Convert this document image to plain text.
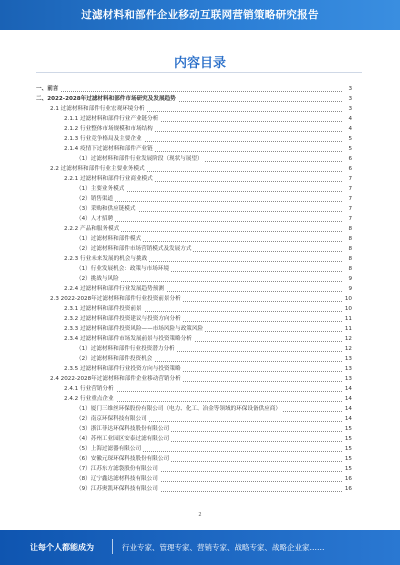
过滤材料和部件企业移动互联网营销策略研究报告
内容目录
一、前言	3
二、2022-2028年过滤材料和部件市场研究及发展趋势	3
2.1 过滤材料和部件行业宏观环境分析	3
2.1.1 过滤材料和部件行业产业链分析	4
2.1.2 行业整体市场规模和市场结构	4
2.1.3 行业竞争格局及主要企业	5
2.1.4 疫情下过滤材料和部件产业链	5
（1）过滤材料和部件行业发展阶段（现状与展望）	6
2.2 过滤材料和部件行业主要业务模式	6
2.2.1 过滤材料和部件行业商业模式	7
（1）主要业务模式	7
（2）销售渠道	7
（3）采购和供应链模式	7
（4）人才招聘	7
2.2.2 产品和服务模式	8
（1）过滤材料和部件模式	8
（2）过滤材料和部件市场营销模式及发展方式	8
2.2.3 行业未来发展的机会与挑战	8
（1）行业发展机会：政策与市场环境	8
（2）挑战与风险	9
2.2.4 过滤材料和部件行业发展趋势预测	9
2.3 2022-2028年过滤材料和部件行业投资前景分析	10
2.3.1 过滤材料和部件投资前景	10
2.3.2 过滤材料和部件投资建议与投资方向分析	11
2.3.3 过滤材料和部件投资风险——市场风险与政策风险	11
2.3.4 过滤材料和部件市场发展前景与投资策略分析	12
（1）过滤材料和部件行业投资潜力分析	12
（2）过滤材料和部件投资机会	13
2.3.5 过滤材料和部件行业投资方向与投资策略	13
2.4 2022-2028年过滤材料和部件企业移动营销分析	13
2.4.1 行业营销分析	14
2.4.2 行业重点企业	14
（1）厦门三维丝环保股份有限公司（电力、化工、冶金等领域的环保设备供应商）	14
（2）南京环保科技有限公司	14
（3）浙江菲达环保科技股份有限公司	15
（4）苏州工业园区安泰过滤有限公司	15
（5）上海过滤器有限公司	15
（6）安徽元琛环保科技股份有限公司	15
（7）江苏东方滤袋股份有限公司	15
（8）辽宁鑫达滤材科技有限公司	16
（9）江苏奥凯环保科技有限公司	16
2
让每个人都能成为	行业专家、管理专家、营销专家、战略专家、战略企业家……
